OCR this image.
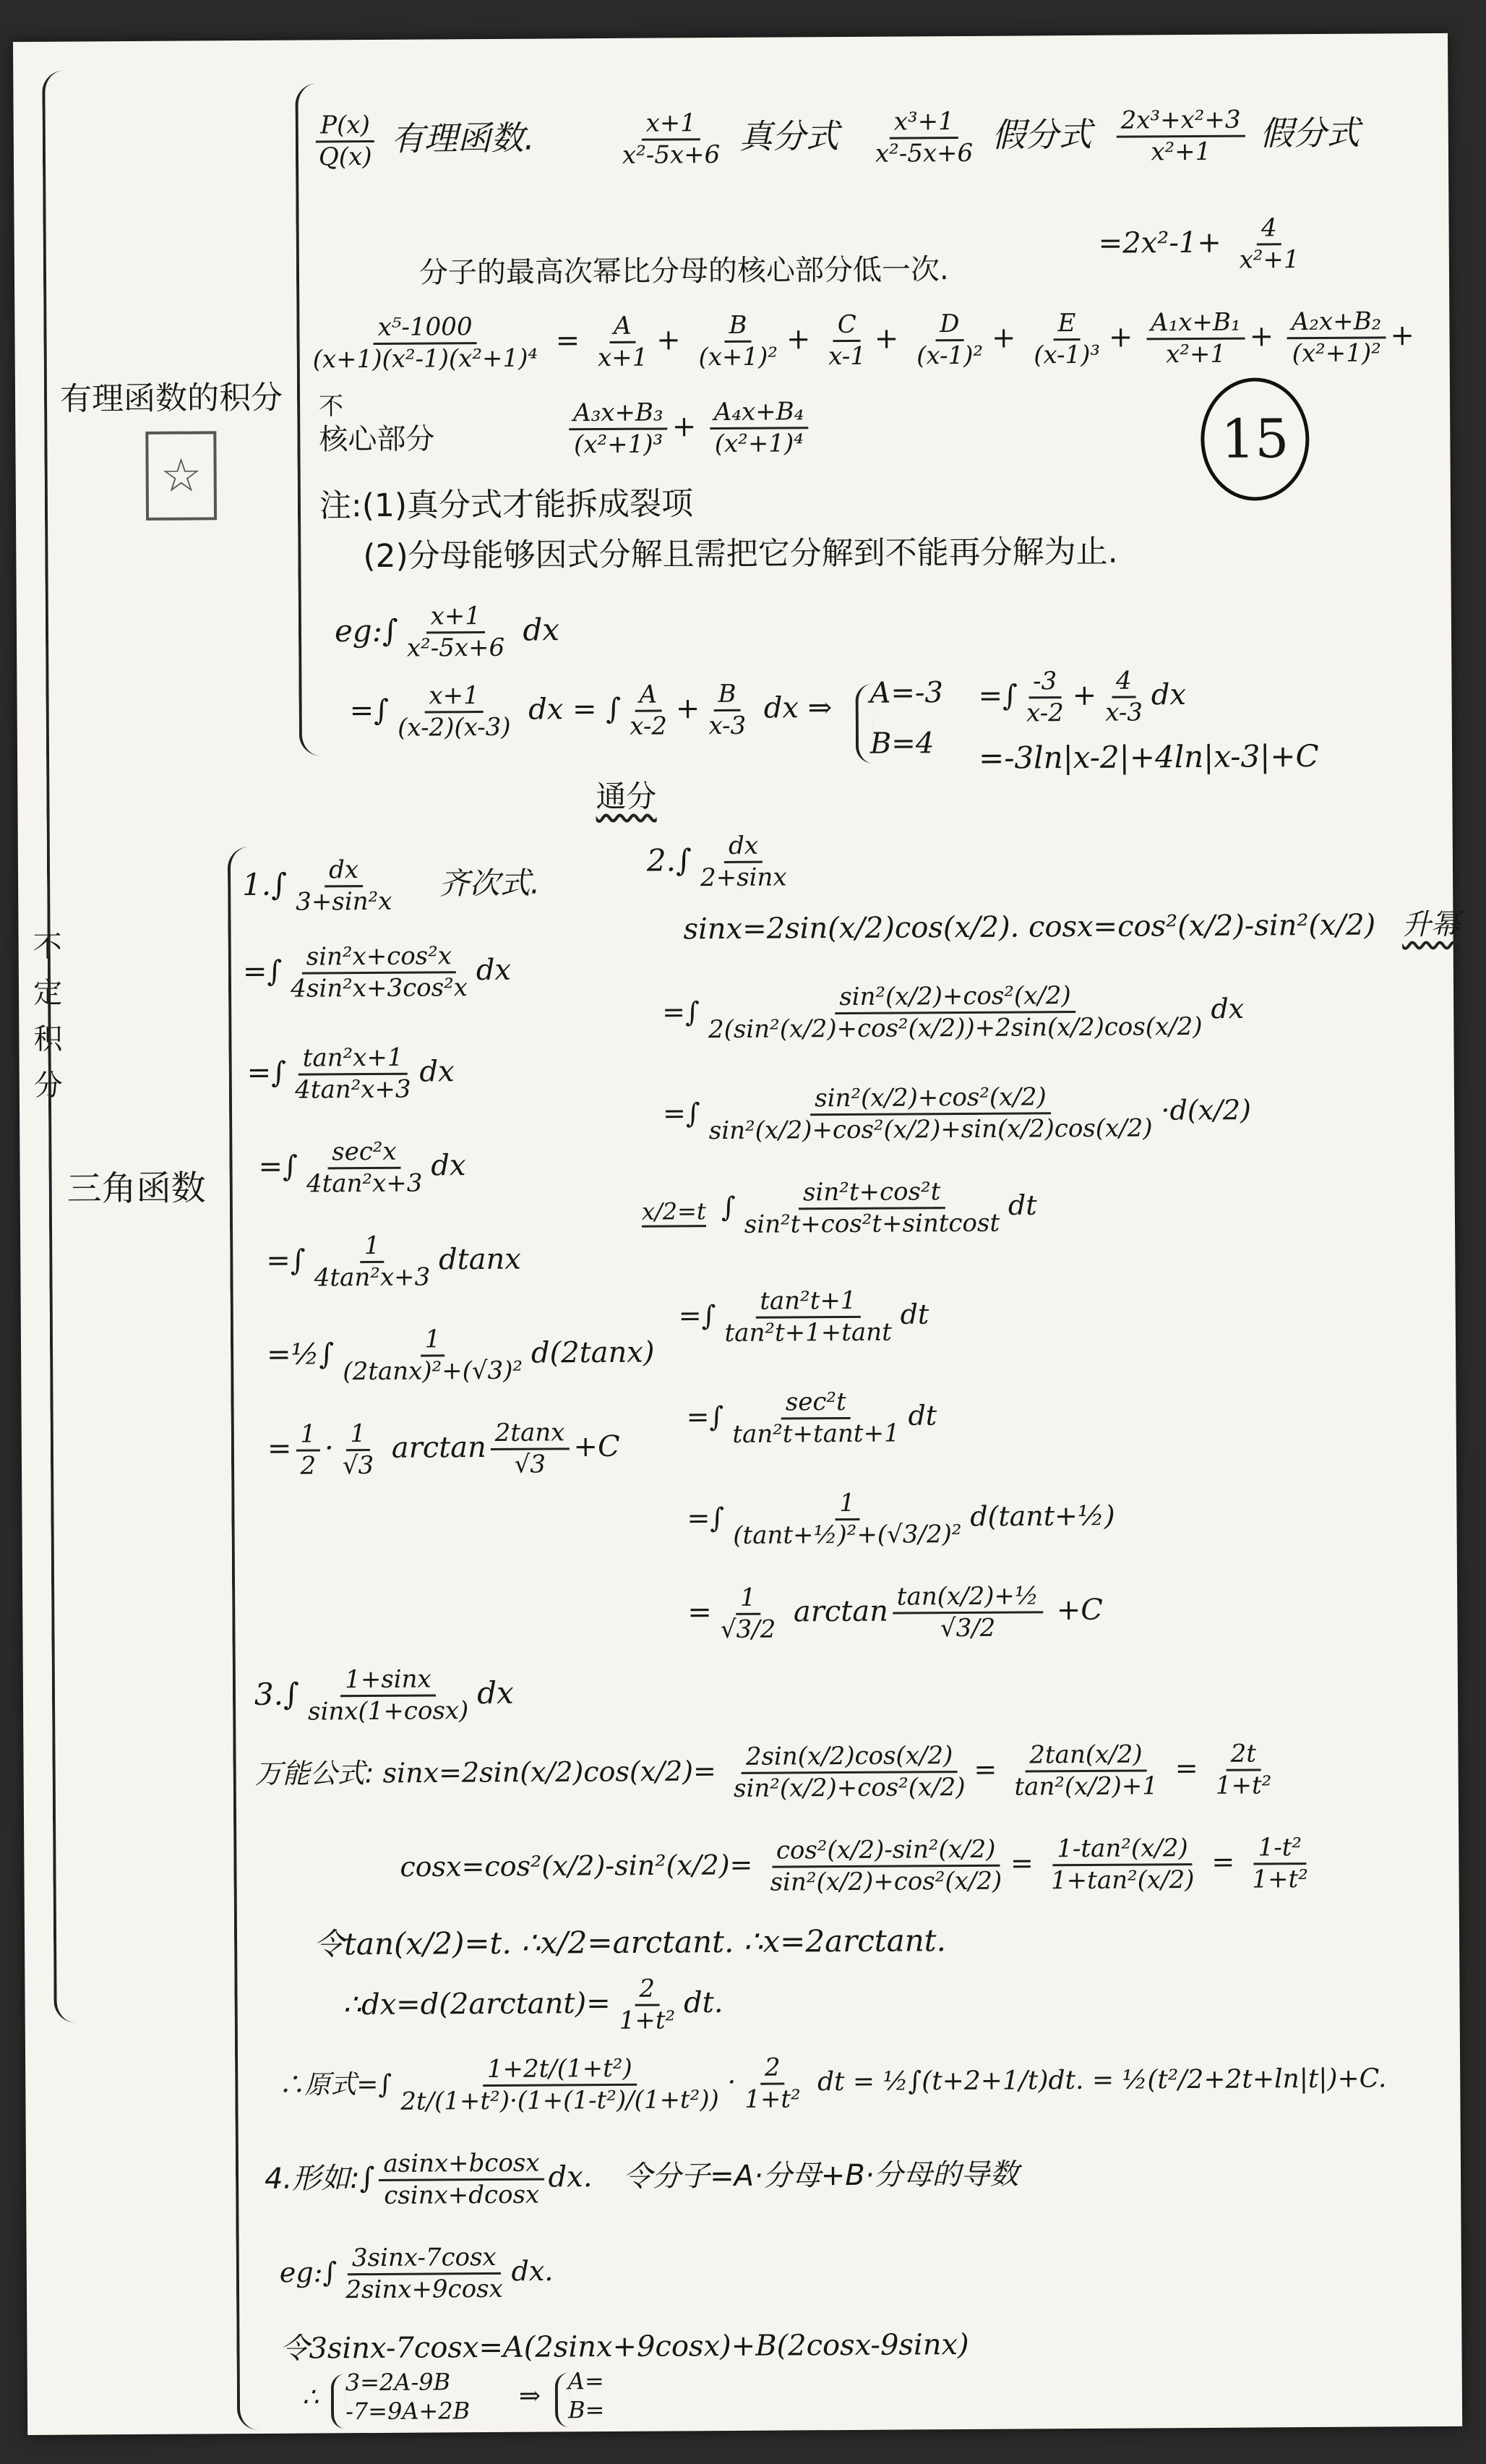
不定积分
有理函数的积分
☆
$\frac{P(x)}{Q(x)}$ 有理函数.	$\frac{x+1}{\text{x²-5x+6}}$ 真分式 $\frac{\text{x³+1}}{\text{x²-5x+6}}$ 假分式 $\frac{\text{2x³+x²+3}}{\text{x²+1}}$ 假分式
$=2x^2-1+ \frac{4}{\text{x²+1}}$
分子的最高次幂比分母的核心部分低一次.
$\frac{\text{x⁵-1000}}{\text{(x+1)(x²-1)(x²+1)⁴}} = \frac{A}{x+1} + \frac{B}{\text{(x+1)²}} + \frac{C}{x-1} + \frac{D}{\text{(x-1)²}} + \frac{E}{\text{(x-1)³}} + \frac{\text{A₁x+B₁}}{\text{x²+1}} + \frac{\text{A₂x+B₂}}{\text{(x²+1)²}}$ +
不
核心部分	$\frac{\text{A₃x+B₃}}{\text{(x²+1)³}} + \frac{\text{A₄x+B₄}}{\text{(x²+1)⁴}}$	15
注:(1)真分式才能拆成裂项
(2)分母能够因式分解且需把它分解到不能再分解为止.
eg:∫ $\frac{x+1}{\text{x²-5x+6}}$ dx
=∫ $\frac{x+1}{(x-2)(x-3)}$ dx = ∫ $\frac{A}{x-2} + \frac{B}{x-3}$ dx ⇒ A=-3
B=4
=∫ $\frac{-3}{x-2} + \frac{4}{x-3}$ dx
=-3ln|x-2|+4ln|x-3|+C
通分
三角函数
$1.\int \frac{dx}{\text{3+sin²x}}$ 齐次式.
=∫ $\frac{\text{sin²x+cos²x}}{\text{4sin²x+3cos²x}}$ dx
=∫ $\frac{\text{tan²x+1}}{\text{4tan²x+3}}$ dx
=∫ $\frac{\text{sec²x}}{\text{4tan²x+3}}$ dx
=∫ $\frac{1}{\text{4tan²x+3}}$ dtanx
=½∫ $\frac{1}{\text{(2tanx)²+(√3)²}} d(2\tan x)$
= $\frac{1}{2} \cdot \frac{1}{√3}$ $\arctan \frac{2\tan x}{√3} +C$
$2.\int \frac{dx}{2+\sin x}$
sinx=2sin(x/2)cos(x/2). cosx=cos²(x/2)-sin²(x/2) 升幂
=∫ $\frac{\text{sin²(x/2)+cos²(x/2)}}{\text{2(sin²(x/2)+cos²(x/2))+2sin(x/2)cos(x/2)}}$ dx
=∫ $\frac{\text{sin²(x/2)+cos²(x/2)}}{\text{sin²(x/2)+cos²(x/2)+sin(x/2)cos(x/2)}} \cdot d(x/2)$
x/2=t ∫ $\frac{\text{sin²t+cos²t}}{\text{sin²t+cos²t+sintcost}}$ dt
=∫ $\frac{\text{tan²t+1}}{\text{tan²t+1+tant}}$ dt
=∫ $\frac{\text{sec²t}}{\text{tan²t+tant+1}}$ dt
=∫ $\frac{1}{\text{(tant+½)²+(√3/2)²}}$ d(tant+½)
= $\frac{1}{√3/2}$ $\arctan \frac{\text{tan(x/2)+½}}{√3/2} +C$
$3.\int \frac{1+\sin x}{\sin x(1+\cos x)}$ dx
万能公式: $\sin x=2\sin(x/2)\cos(x/2)= \frac{2\sin(x/2)\cos(x/2)}{\text{sin²(x/2)+cos²(x/2)}} = \frac{2\tan(x/2)}{\text{tan²(x/2)+1}} = \frac{2t}{\text{1+t²}}$
$\cos x=\cos^2(x/2)-\sin^2(x/2)= \frac{\text{cos²(x/2)-sin²(x/2)}}{\text{sin²(x/2)+cos²(x/2)}} = \frac{\text{1-tan²(x/2)}}{\text{1+tan²(x/2)}} = \frac{\text{1-t²}}{\text{1+t²}}$
令tan(x/2)=t. ∴x/2=arctant. ∴x=2arctant.
∴dx=d(2arctant)= $\frac{2}{\text{1+t²}}$ dt.
∴原式=∫ $\frac{\text{1+2t/(1+t²)}}{\text{2t/(1+t²)·(1+(1-t²)/(1+t²))}} \cdot \frac{2}{\text{1+t²}}$ dt = ½∫(t+2+1/t)dt. = ½(t²/2+2t+ln|t|)+C.
4.形如:∫ $\frac{asinx+bcosx}{csinx+dcosx}$ dx. 令分子=A·分母+B·分母的导数
eg:∫ $\frac{3\sin x-7\cos x}{2\sin x+9\cos x}$ dx.
令3sinx-7cosx=A(2sinx+9cosx)+B(2cosx-9sinx)
∴
3=2A-9B
-7=9A+2B ⇒
A=
B=
